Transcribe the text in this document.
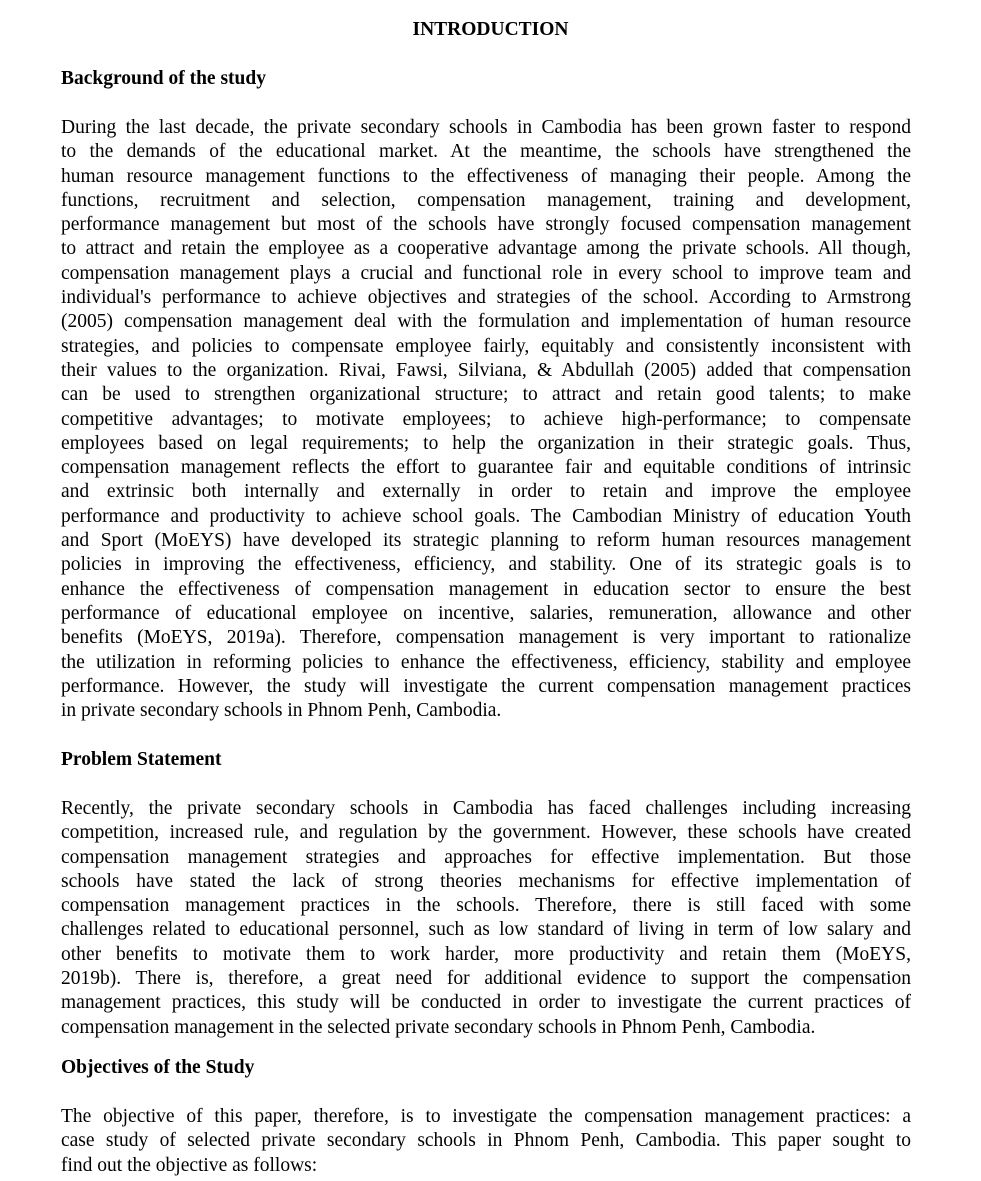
INTRODUCTION
Background of the study
During the last decade, the private secondary schools in Cambodia has been grown faster to respond
to the demands of the educational market. At the meantime, the schools have strengthened the
human resource management functions to the effectiveness of managing their people. Among the
functions, recruitment and selection, compensation management, training and development,
performance management but most of the schools have strongly focused compensation management
to attract and retain the employee as a cooperative advantage among the private schools. All though,
compensation management plays a crucial and functional role in every school to improve team and
individual's performance to achieve objectives and strategies of the school. According to Armstrong
(2005) compensation management deal with the formulation and implementation of human resource
strategies, and policies to compensate employee fairly, equitably and consistently inconsistent with
their values to the organization. Rivai, Fawsi, Silviana, & Abdullah (2005) added that compensation
can be used to strengthen organizational structure; to attract and retain good talents; to make
competitive advantages; to motivate employees; to achieve high-performance; to compensate
employees based on legal requirements; to help the organization in their strategic goals. Thus,
compensation management reflects the effort to guarantee fair and equitable conditions of intrinsic
and extrinsic both internally and externally in order to retain and improve the employee
performance and productivity to achieve school goals. The Cambodian Ministry of education Youth
and Sport (MoEYS) have developed its strategic planning to reform human resources management
policies in improving the effectiveness, efficiency, and stability. One of its strategic goals is to
enhance the effectiveness of compensation management in education sector to ensure the best
performance of educational employee on incentive, salaries, remuneration, allowance and other
benefits (MoEYS, 2019a). Therefore, compensation management is very important to rationalize
the utilization in reforming policies to enhance the effectiveness, efficiency, stability and employee
performance. However, the study will investigate the current compensation management practices
in private secondary schools in Phnom Penh, Cambodia.
Problem Statement
Recently, the private secondary schools in Cambodia has faced challenges including increasing
competition, increased rule, and regulation by the government. However, these schools have created
compensation management strategies and approaches for effective implementation. But those
schools have stated the lack of strong theories mechanisms for effective implementation of
compensation management practices in the schools. Therefore, there is still faced with some
challenges related to educational personnel, such as low standard of living in term of low salary and
other benefits to motivate them to work harder, more productivity and retain them (MoEYS,
2019b). There is, therefore, a great need for additional evidence to support the compensation
management practices, this study will be conducted in order to investigate the current practices of
compensation management in the selected private secondary schools in Phnom Penh, Cambodia.
Objectives of the Study
The objective of this paper, therefore, is to investigate the compensation management practices: a
case study of selected private secondary schools in Phnom Penh, Cambodia. This paper sought to
find out the objective as follows:
